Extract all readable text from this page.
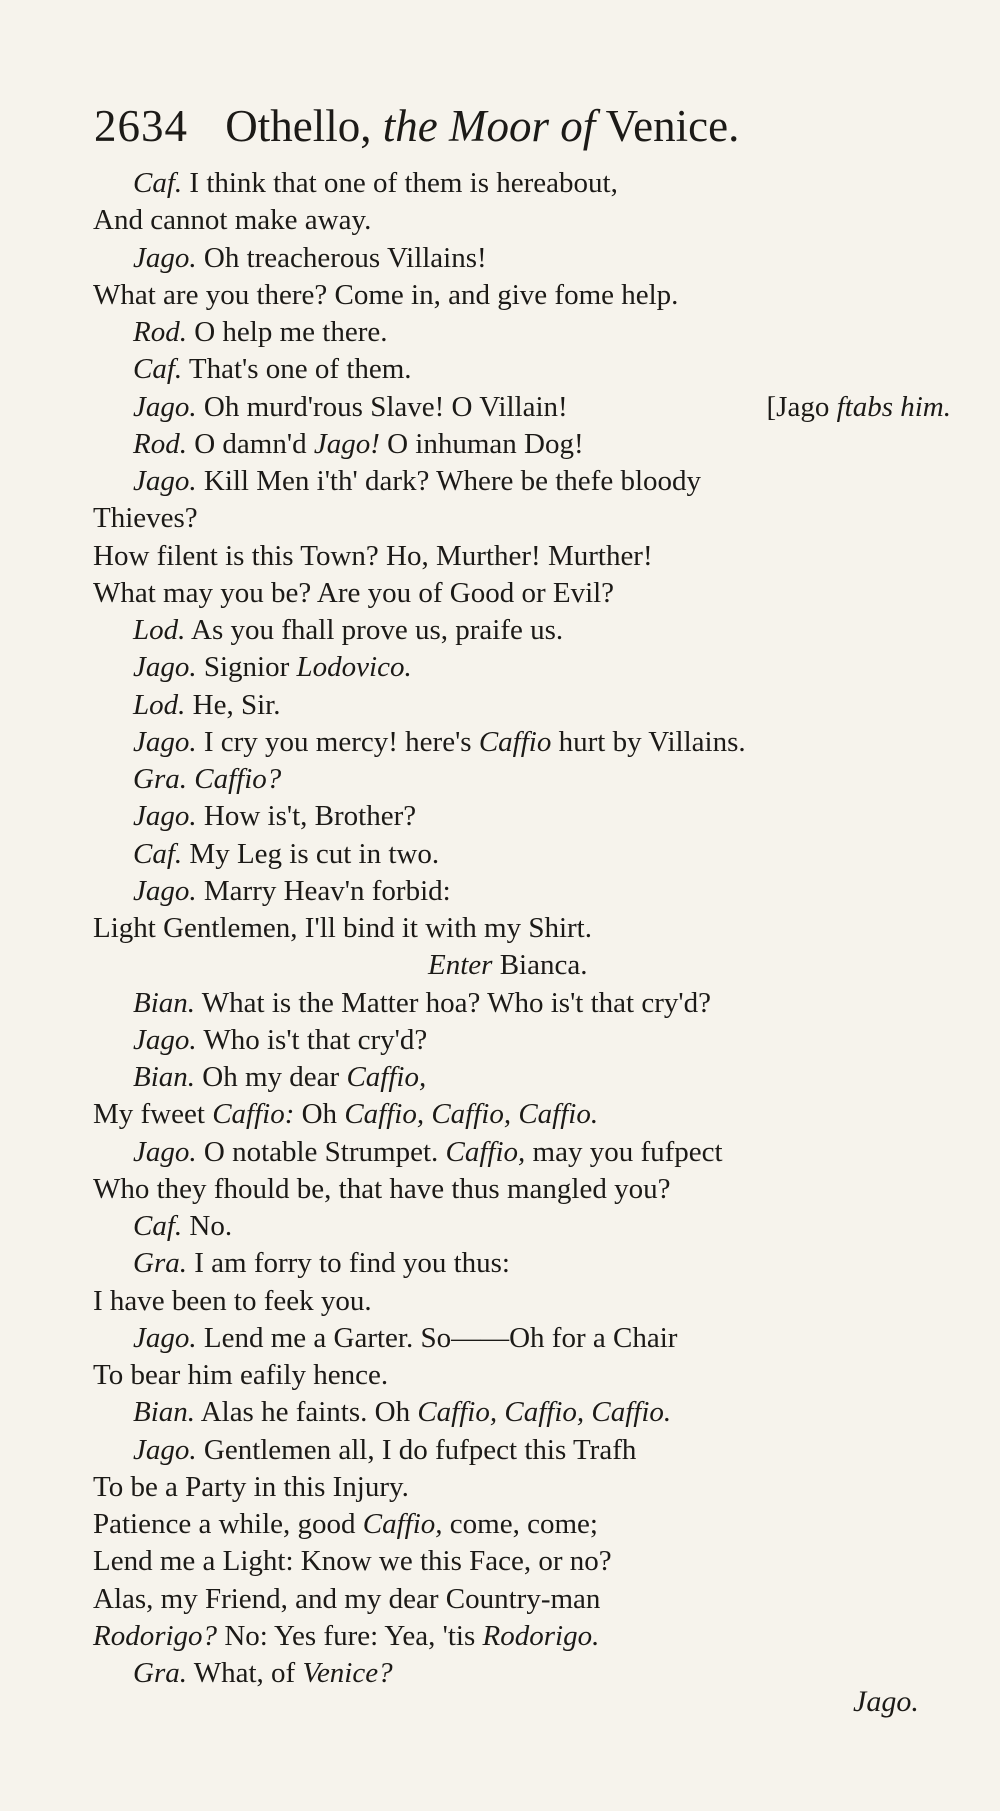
2634 Othello, the Moor of Venice.
Caf. I think that one of them is hereabout,
And cannot make away.
Jago. Oh treacherous Villains!
What are you there? Come in, and give fome help.
Rod. O help me there.
Caf. That's one of them.
Jago. Oh murd'rous Slave! O Villain!	[Jago ftabs him.
Rod. O damn'd Jago! O inhuman Dog!
Jago. Kill Men i'th' dark? Where be thefe bloody
Thieves?
How filent is this Town? Ho, Murther! Murther!
What may you be? Are you of Good or Evil?
Lod. As you fhall prove us, praife us.
Jago. Signior Lodovico.
Lod. He, Sir.
Jago. I cry you mercy! here's Caffio hurt by Villains.
Gra. Caffio?
Jago. How is't, Brother?
Caf. My Leg is cut in two.
Jago. Marry Heav'n forbid:
Light Gentlemen, I'll bind it with my Shirt.
Enter Bianca.
Bian. What is the Matter hoa? Who is't that cry'd?
Jago. Who is't that cry'd?
Bian. Oh my dear Caffio,
My fweet Caffio: Oh Caffio, Caffio, Caffio.
Jago. O notable Strumpet. Caffio, may you fufpect
Who they fhould be, that have thus mangled you?
Caf. No.
Gra. I am forry to find you thus:
I have been to feek you.
Jago. Lend me a Garter. So——Oh for a Chair
To bear him eafily hence.
Bian. Alas he faints. Oh Caffio, Caffio, Caffio.
Jago. Gentlemen all, I do fufpect this Trafh
To be a Party in this Injury.
Patience a while, good Caffio, come, come;
Lend me a Light: Know we this Face, or no?
Alas, my Friend, and my dear Country-man
Rodorigo? No: Yes fure: Yea, 'tis Rodorigo.
Gra. What, of Venice?
Jago.
